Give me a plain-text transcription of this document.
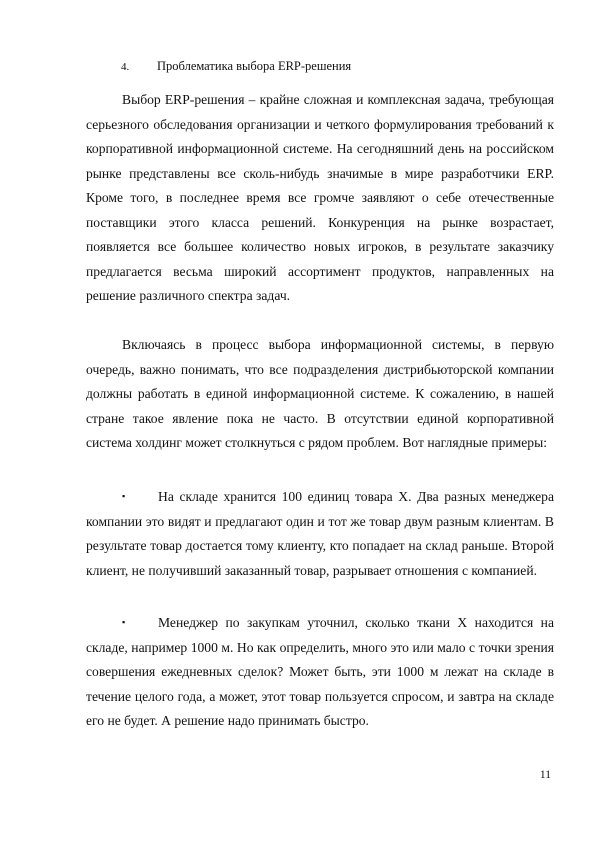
4. Проблематика выбора ERP-решения

Выбор ERP-решения – крайне сложная и комплексная задача, требующая серьезного обследования организации и четкого формулирования требований к корпоративной информационной системе. На сегодняшний день на российском рынке представлены все сколь-нибудь значимые в мире разработчики ERP. Кроме того, в последнее время все громче заявляют о себе отечественные поставщики этого класса решений. Конкуренция на рынке возрастает, появляется все большее количество новых игроков, в результате заказчику предлагается весьма широкий ассортимент продуктов, направленных на решение различного спектра задач.

Включаясь в процесс выбора информационной системы, в первую очередь, важно понимать, что все подразделения дистрибьюторской компании должны работать в единой информационной системе. К сожалению, в нашей стране такое явление пока не часто. В отсутствии единой корпоративной система холдинг может столкнуться с рядом проблем. Вот наглядные примеры:

▪ На складе хранится 100 единиц товара X. Два разных менеджера компании это видят и предлагают один и тот же товар двум разным клиентам. В результате товар достается тому клиенту, кто попадает на склад раньше. Второй клиент, не получивший заказанный товар, разрывает отношения с компанией.

▪ Менеджер по закупкам уточнил, сколько ткани X находится на складе, например 1000 м. Но как определить, много это или мало с точки зрения совершения ежедневных сделок? Может быть, эти 1000 м лежат на складе в течение целого года, а может, этот товар пользуется спросом, и завтра на складе его не будет. А решение надо принимать быстро.

11
